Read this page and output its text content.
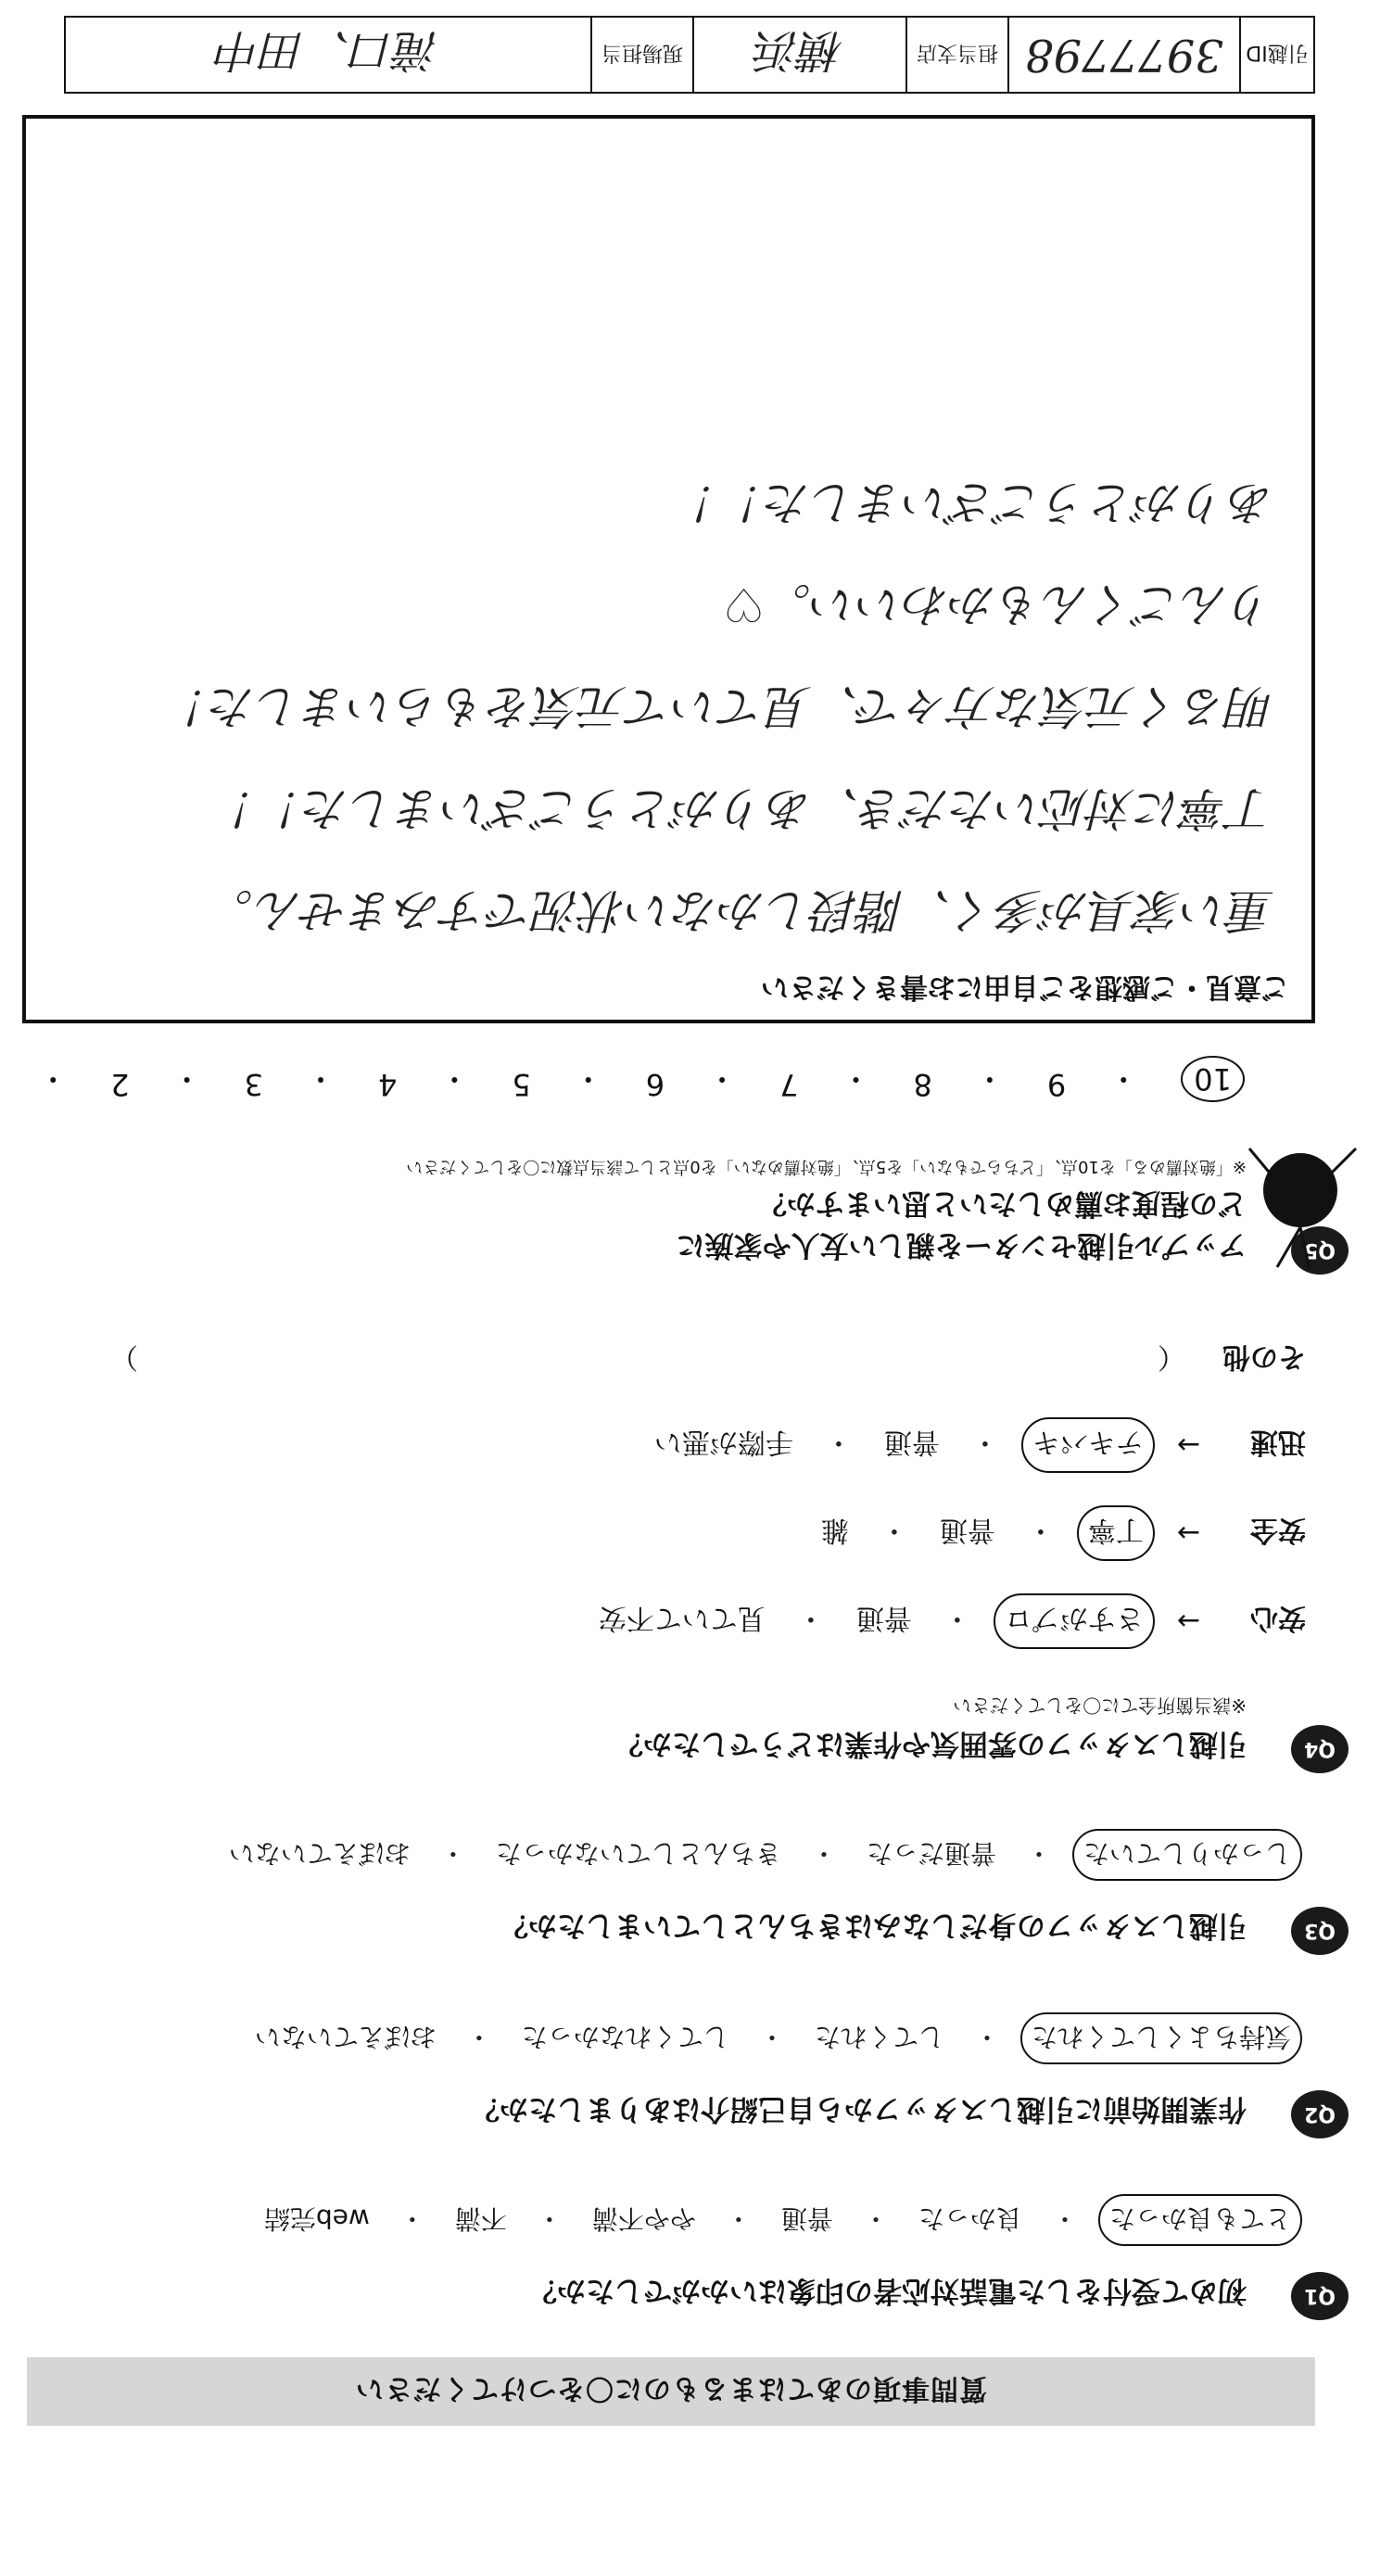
質問事項のあてはまるものに〇をつけてください
Q1
初めて受付をした電話対応者の印象はいかがでしたか？
とても良かった
・
良かった
・
普通
・
やや不満
・
不満
・
web完結
Q2
作業開始前に引越しスタッフから自己紹介はありましたか？
気持ちよくしてくれた
・
してくれた
・
してくれなかった
・
おぼえていない
Q3
引越しスタッフの身だしなみはきちんとしていましたか？
しっかりしていた
・
普通だった
・
きちんとしていなかった
・
おぼえていない
Q4
引越しスタッフの雰囲気や作業はどうでしたか？
※該当箇所全てに〇をしてください
安心
→
さすがプロ
・
普通
・
見ていて不安
安全
→
丁寧
・
普通
・
雑
迅速
→
テキパキ
・
普通
・
手際が悪い
その他
（
）
Q5
アップル引越センターを親しい友人や家族に
どの程度お薦めしたいと思いますか？
※「絶対薦める」を10点、「どちらでもない」を5点、「絶対薦めない」を0点として該当点数に〇をしてください
10
・
9
・
8
・
7
・
6
・
5
・
4
・
3
・
2
・
ご意見・ご感想をご自由にお書きください
重い家具が多く、階段しかない状況ですみません。
丁寧に対応いただき、ありがとうございました！！
明るく元気な方々で、見ていて元気をもらいました！
りんごくんもかわいい。♡
ありがとうございました！！
引越ID
3977798
担当支店
横浜
現場担当
滝口、田中
